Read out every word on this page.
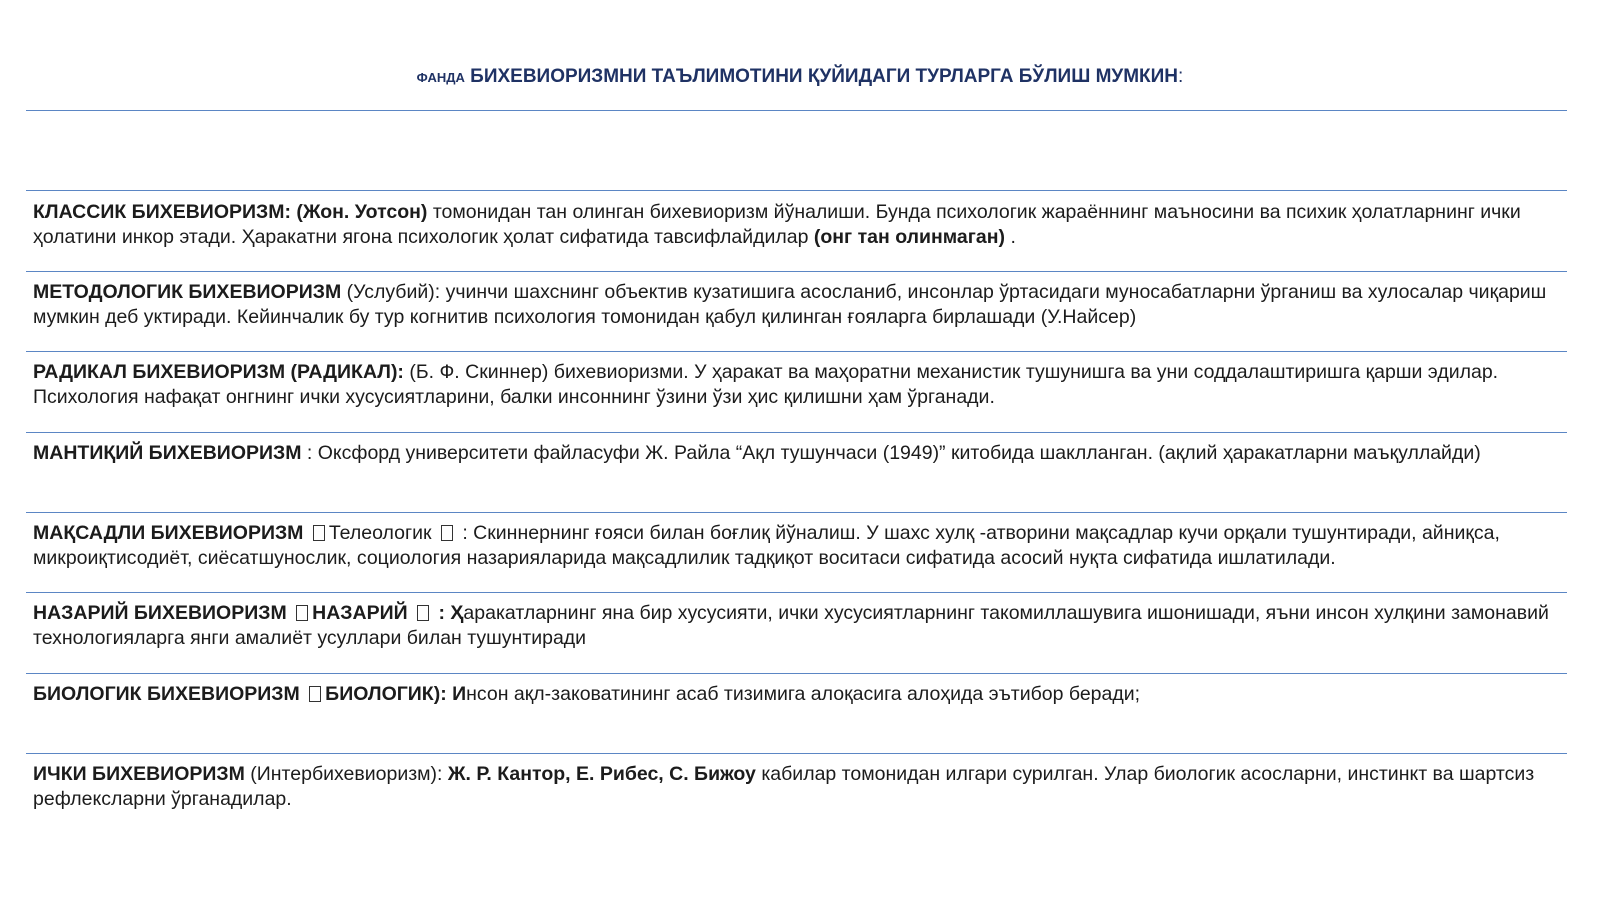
ФАНДА БИХЕВИОРИЗМНИ ТАЪЛИМОТИНИ ҚУЙИДАГИ ТУРЛАРГА БЎЛИШ МУМКИН:
КЛАССИК БИХЕВИОРИЗМ: (Жон. Уотсон) томонидан тан олинган бихевиоризм йўналиши. Бунда психологик жараённинг маъносини ва психик ҳолатларнинг ички ҳолатини инкор этади. Ҳаракатни ягона психологик ҳолат сифатида тавсифлайдилар (онг тан олинмаган) .
МЕТОДОЛОГИК БИХЕВИОРИЗМ (Услубий): учинчи шахснинг объектив кузатишига асосланиб, инсонлар ўртасидаги муносабатларни ўрганиш ва хулосалар чиқариш мумкин деб уктиради. Кейинчалик бу тур когнитив психология томонидан қабул қилинган ғояларга бирлашади (У.Найсер)
РАДИКАЛ БИХЕВИОРИЗМ (РАДИКАЛ): (Б. Ф. Скиннер) бихевиоризми. У ҳаракат ва маҳоратни механистик тушунишга ва уни соддалаштиришга қарши эдилар. Психология нафақат онгнинг ички хусусиятларини, балки инсоннинг ўзини ўзи ҳис қилишни ҳам ўрганади.
МАНТИҚИЙ БИХЕВИОРИЗМ : Оксфорд университети файласуфи Ж. Райла “Ақл тушунчаси (1949)” китобида шаклланган. (ақлий ҳаракатларни маъқуллайди)
МАҚСАДЛИ БИХЕВИОРИЗМ Телеологик  : Скиннернинг ғояси билан боғлиқ йўналиш. У шахс хулқ -атворини мақсадлар кучи орқали тушунтиради, айниқса, микроиқтисодиёт, сиёсатшунослик, социология назарияларида мақсадлилик тадқиқот воситаси сифатида асосий нуқта сифатида ишлатилади.
НАЗАРИЙ БИХЕВИОРИЗМ НАЗАРИЙ  : Ҳаракатларнинг яна бир хусусияти, ички хусусиятларнинг такомиллашувига ишонишади, яъни инсон хулқини замонавий технологияларга янги амалиёт усуллари билан тушунтиради
БИОЛОГИК БИХЕВИОРИЗМ БИОЛОГИК): Инсон ақл-заковатининг асаб тизимига алоқасига алоҳида эътибор беради;
ИЧКИ БИХЕВИОРИЗМ (Интербихевиоризм): Ж. Р. Кантор, Е. Рибес, С. Бижоу кабилар томонидан илгари сурилган. Улар биологик асосларни, инстинкт ва шартсиз рефлексларни ўрганадилар.
